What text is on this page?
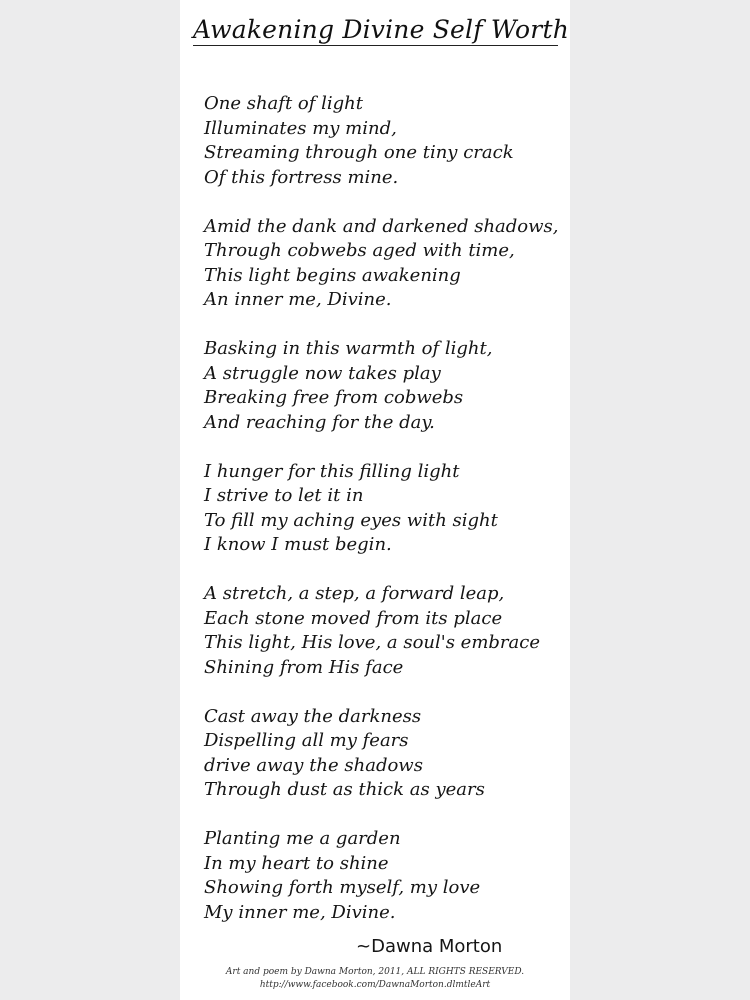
Awakening Divine Self Worth
One shaft of light
Illuminates my mind,
Streaming through one tiny crack
Of this fortress mine.
Amid the dank and darkened shadows,
Through cobwebs aged with time,
This light begins awakening
An inner me, Divine.
Basking in this warmth of light,
A struggle now takes play
Breaking free from cobwebs
And reaching for the day.
I hunger for this filling light
I strive to let it in
To fill my aching eyes with sight
I know I must begin.
A stretch, a step, a forward leap,
Each stone moved from its place
This light, His love, a soul's embrace
Shining from His face
Cast away the darkness
Dispelling all my fears
drive away the shadows
Through dust as thick as years
Planting me a garden
In my heart to shine
Showing forth myself, my love
My inner me, Divine.
~Dawna Morton
Art and poem by Dawna Morton, 2011, ALL RIGHTS RESERVED.
http://www.facebook.com/DawnaMorton.dlmtleArt
